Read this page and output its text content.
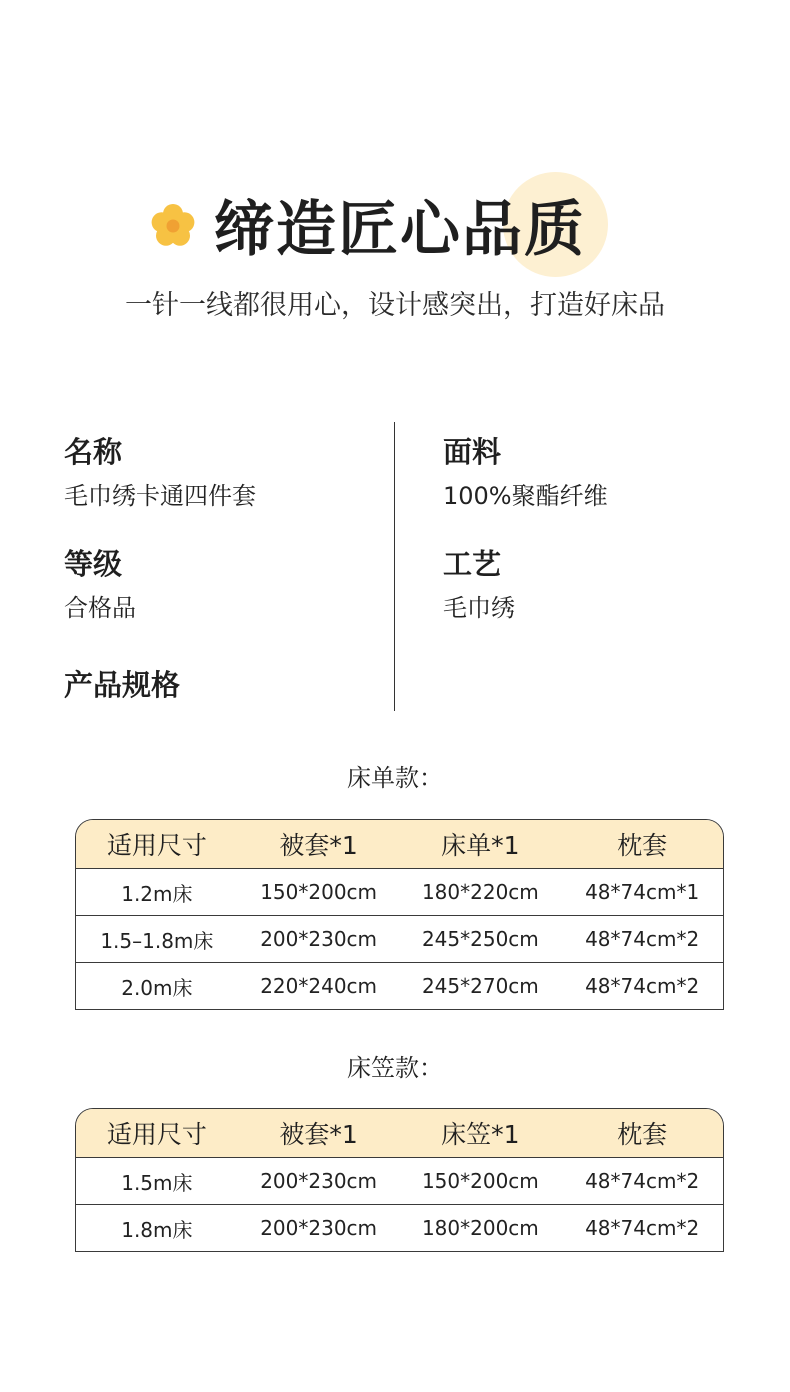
缔造匠心品质
一针一线都很用心，设计感突出，打造好床品
名称
毛巾绣卡通四件套
面料
100%聚酯纤维
等级
合格品
工艺
毛巾绣
产品规格
床单款：
适用尺寸	被套*1	床单*1	枕套
1.2m床	150*200cm	180*220cm	48*74cm*1
1.5–1.8m床	200*230cm	245*250cm	48*74cm*2
2.0m床	220*240cm	245*270cm	48*74cm*2
床笠款：
适用尺寸	被套*1	床笠*1	枕套
1.5m床	200*230cm	150*200cm	48*74cm*2
1.8m床	200*230cm	180*200cm	48*74cm*2
